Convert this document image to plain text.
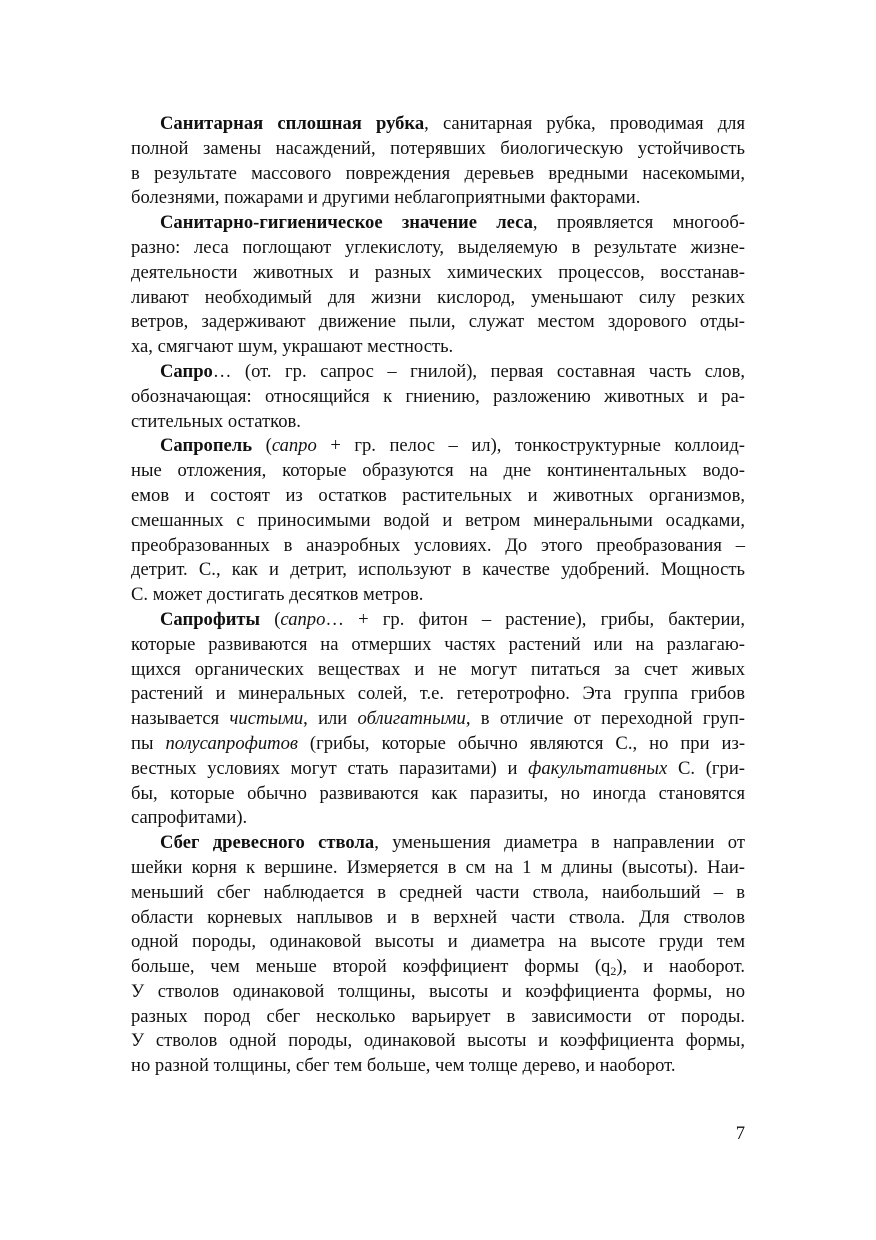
Санитарная сплошная рубка, санитарная рубка, проводимая для
полной замены насаждений, потерявших биологическую устойчивость
в результате массового повреждения деревьев вредными насекомыми,
болезнями, пожарами и другими неблагоприятными факторами.
Санитарно-гигиеническое значение леса, проявляется многооб-
разно: леса поглощают углекислоту, выделяемую в результате жизне-
деятельности животных и разных химических процессов, восстанав-
ливают необходимый для жизни кислород, уменьшают силу резких
ветров, задерживают движение пыли, служат местом здорового отды-
ха, смягчают шум, украшают местность.
Сапро… (от. гр. сапрос – гнилой), первая составная часть слов,
обозначающая: относящийся к гниению, разложению животных и ра-
стительных остатков.
Сапропель (сапро + гр. пелос – ил), тонкоструктурные коллоид-
ные отложения, которые образуются на дне континентальных водо-
емов и состоят из остатков растительных и животных организмов,
смешанных с приносимыми водой и ветром минеральными осадками,
преобразованных в анаэробных условиях. До этого преобразования –
детрит. С., как и детрит, используют в качестве удобрений. Мощность
С. может достигать десятков метров.
Сапрофиты (сапро… + гр. фитон – растение), грибы, бактерии,
которые развиваются на отмерших частях растений или на разлагаю-
щихся органических веществах и не могут питаться за счет живых
растений и минеральных солей, т.е. гетеротрофно. Эта группа грибов
называется чистыми, или облигатными, в отличие от переходной груп-
пы полусапрофитов (грибы, которые обычно являются С., но при из-
вестных условиях могут стать паразитами) и факультативных С. (гри-
бы, которые обычно развиваются как паразиты, но иногда становятся
сапрофитами).
Сбег древесного ствола, уменьшения диаметра в направлении от
шейки корня к вершине. Измеряется в см на 1 м длины (высоты). Наи-
меньший сбег наблюдается в средней части ствола, наибольший – в
области корневых наплывов и в верхней части ствола. Для стволов
одной породы, одинаковой высоты и диаметра на высоте груди тем
больше, чем меньше второй коэффициент формы $(q_2)$, и наоборот.
У стволов одинаковой толщины, высоты и коэффициента формы, но
разных пород сбег несколько варьирует в зависимости от породы.
У стволов одной породы, одинаковой высоты и коэффициента формы,
но разной толщины, сбег тем больше, чем толще дерево, и наоборот.
7
